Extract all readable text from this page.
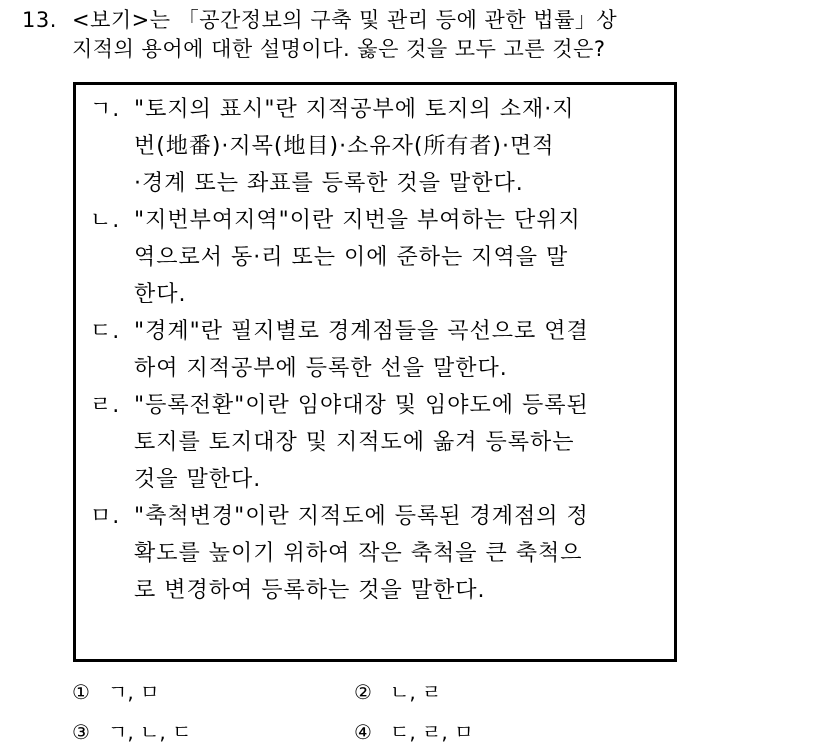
13. <보기>는 「공간정보의 구축 및 관리 등에 관한 법률」상
지적의 용어에 대한 설명이다. 옳은 것을 모두 고른 것은?
ㄱ. "토지의 표시"란 지적공부에 토지의 소재·지
번(地番)·지목(地目)·소유자(所有者)·면적
·경계 또는 좌표를 등록한 것을 말한다.
ㄴ. "지번부여지역"이란 지번을 부여하는 단위지
역으로서 동·리 또는 이에 준하는 지역을 말
한다.
ㄷ. "경계"란 필지별로 경계점들을 곡선으로 연결
하여 지적공부에 등록한 선을 말한다.
ㄹ. "등록전환"이란 임야대장 및 임야도에 등록된
토지를 토지대장 및 지적도에 옮겨 등록하는
것을 말한다.
ㅁ. "축척변경"이란 지적도에 등록된 경계점의 정
확도를 높이기 위하여 작은 축척을 큰 축척으
로 변경하여 등록하는 것을 말한다.
① ㄱ, ㅁ	② ㄴ, ㄹ
③ ㄱ, ㄴ, ㄷ	④ ㄷ, ㄹ, ㅁ
